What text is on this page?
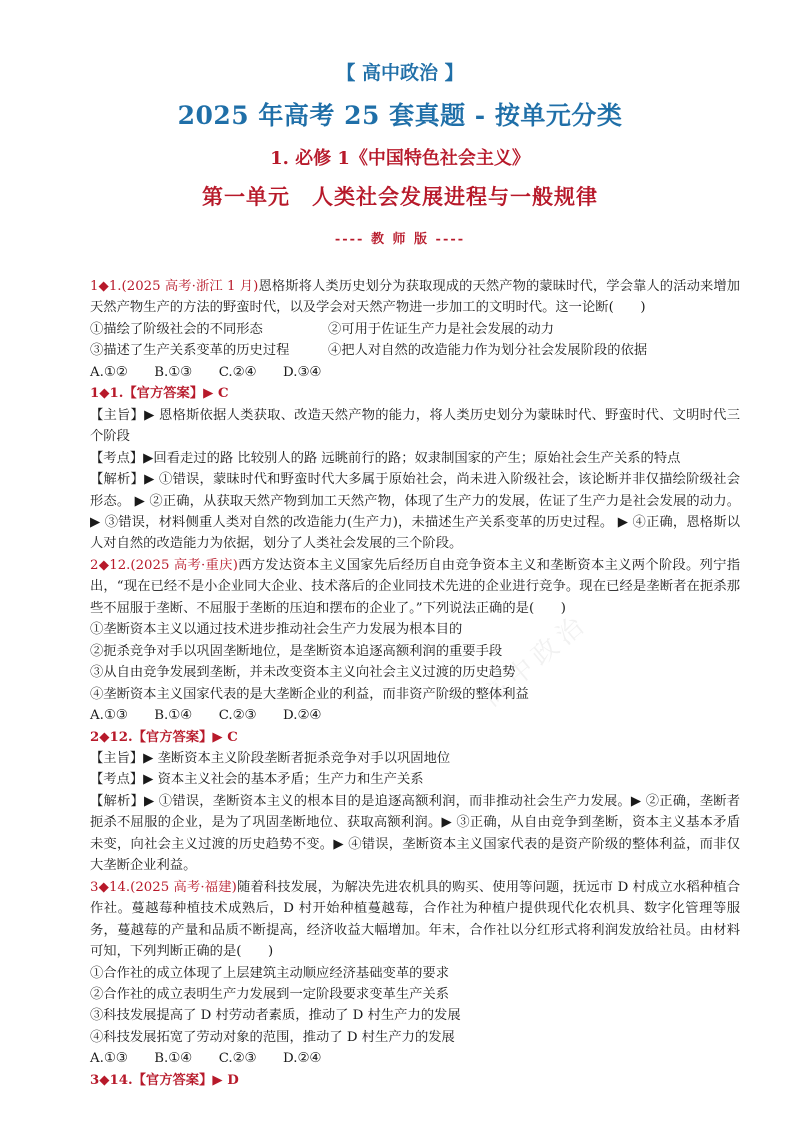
【 高中政治 】
2025 年高考 25 套真题 - 按单元分类
1. 必修 1《中国特色社会主义》
第一单元　人类社会发展进程与一般规律
---- 教 师 版 ----
高中政治

1◆1.(2025 高考·浙江 1 月)恩格斯将人类历史划分为获取现成的天然产物的蒙昧时代，学会靠人的活动来增加天然产物生产的方法的野蛮时代，以及学会对天然产物进一步加工的文明时代。这一论断(　　)

①描绘了阶级社会的不同形态	②可用于佐证生产力是社会发展的动力

③描述了生产关系变革的历史过程	④把人对自然的改造能力作为划分社会发展阶段的依据

A.①②　　B.①③　　C.②④　　D.③④

1◆1.【官方答案】▶ C

【主旨】▶ 恩格斯依据人类获取、改造天然产物的能力，将人类历史划分为蒙昧时代、野蛮时代、文明时代三个阶段

【考点】▶回看走过的路 比较别人的路 远眺前行的路；奴隶制国家的产生；原始社会生产关系的特点

【解析】▶ ①错误，蒙昧时代和野蛮时代大多属于原始社会，尚未进入阶级社会，该论断并非仅描绘阶级社会形态。 ▶ ②正确，从获取天然产物到加工天然产物，体现了生产力的发展，佐证了生产力是社会发展的动力。 ▶ ③错误，材料侧重人类对自然的改造能力(生产力)，未描述生产关系变革的历史过程。 ▶ ④正确，恩格斯以人对自然的改造能力为依据，划分了人类社会发展的三个阶段。

2◆12.(2025 高考·重庆)西方发达资本主义国家先后经历自由竞争资本主义和垄断资本主义两个阶段。列宁指出，“现在已经不是小企业同大企业、技术落后的企业同技术先进的企业进行竞争。现在已经是垄断者在扼杀那些不屈服于垄断、不屈服于垄断的压迫和摆布的企业了。”下列说法正确的是(　　)

①垄断资本主义以通过技术进步推动社会生产力发展为根本目的

②扼杀竞争对手以巩固垄断地位，是垄断资本追逐高额利润的重要手段

③从自由竞争发展到垄断，并未改变资本主义向社会主义过渡的历史趋势

④垄断资本主义国家代表的是大垄断企业的利益，而非资产阶级的整体利益

A.①③　　B.①④　　C.②③　　D.②④

2◆12.【官方答案】▶ C

【主旨】▶ 垄断资本主义阶段垄断者扼杀竞争对手以巩固地位

【考点】▶ 资本主义社会的基本矛盾；生产力和生产关系

【解析】▶ ①错误，垄断资本主义的根本目的是追逐高额利润，而非推动社会生产力发展。▶ ②正确，垄断者扼杀不屈服的企业，是为了巩固垄断地位、获取高额利润。▶ ③正确，从自由竞争到垄断，资本主义基本矛盾未变，向社会主义过渡的历史趋势不变。▶ ④错误，垄断资本主义国家代表的是资产阶级的整体利益，而非仅大垄断企业利益。

3◆14.(2025 高考·福建)随着科技发展，为解决先进农机具的购买、使用等问题，抚远市 D 村成立水稻种植合作社。蔓越莓种植技术成熟后，D 村开始种植蔓越莓，合作社为种植户提供现代化农机具、数字化管理等服务，蔓越莓的产量和品质不断提高，经济收益大幅增加。年末，合作社以分红形式将利润发放给社员。由材料可知，下列判断正确的是(　　)

①合作社的成立体现了上层建筑主动顺应经济基础变革的要求

②合作社的成立表明生产力发展到一定阶段要求变革生产关系

③科技发展提高了 D 村劳动者素质，推动了 D 村生产力的发展

④科技发展拓宽了劳动对象的范围，推动了 D 村生产力的发展

A.①③　　B.①④　　C.②③　　D.②④

3◆14.【官方答案】▶ D
